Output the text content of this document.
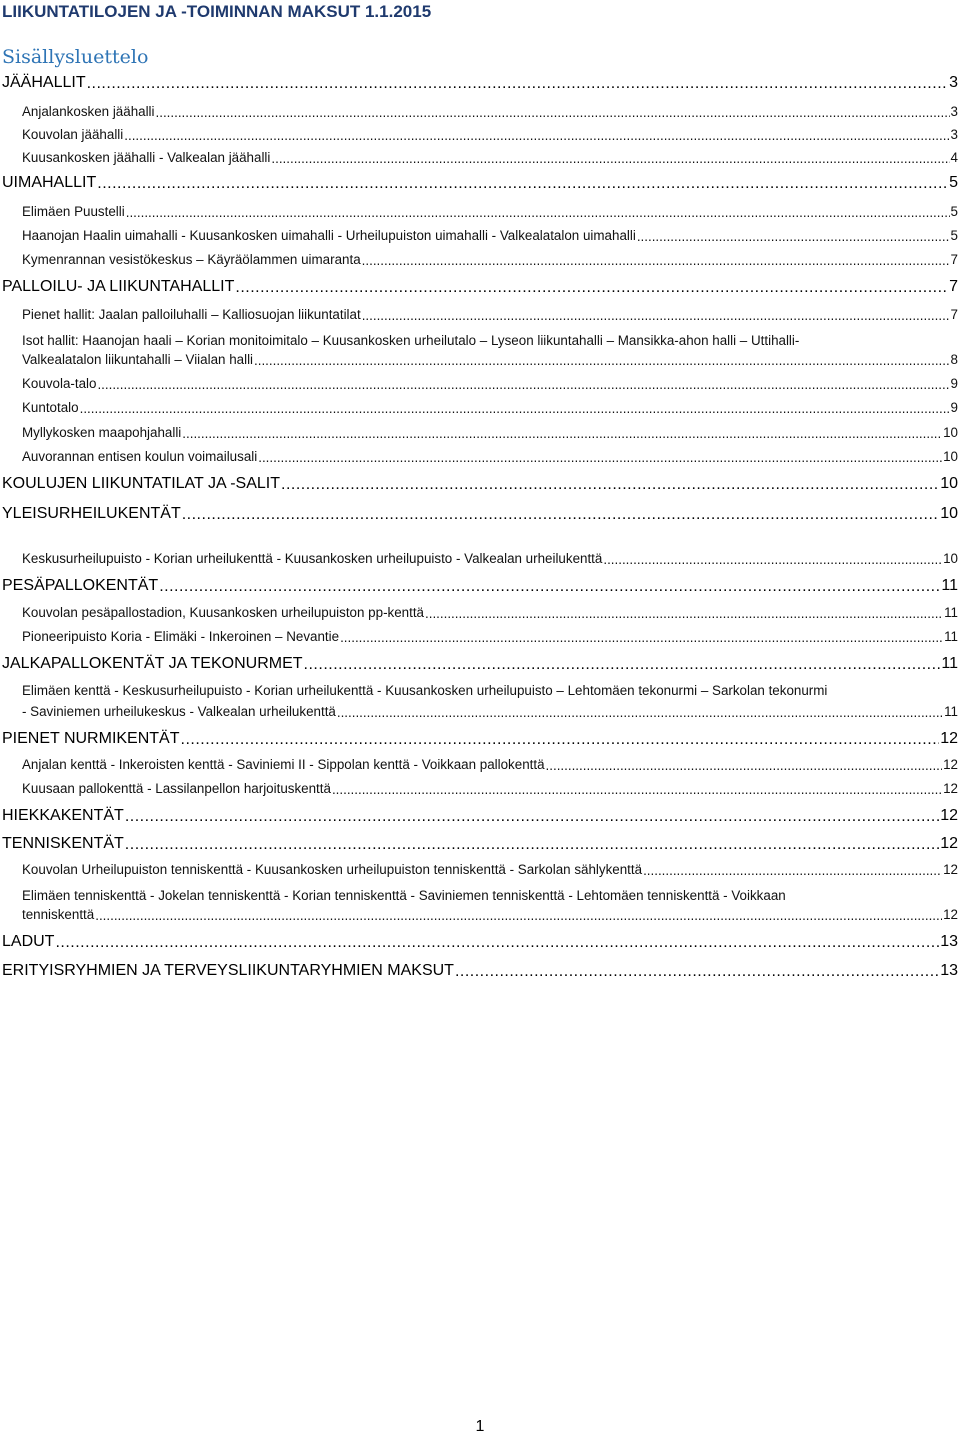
LIIKUNTATILOJEN JA -TOIMINNAN MAKSUT 1.1.2015
Sisällysluettelo
JÄÄHALLIT .....	3
Anjalankosken jäähalli .....	3
Kouvolan jäähalli .....	3
Kuusankosken jäähalli - Valkealan jäähalli .....	4
UIMAHALLIT .....	5
Elimäen Puustelli .....	5
Haanojan Haalin uimahalli - Kuusankosken uimahalli - Urheilupuiston uimahalli - Valkealatalon uimahalli .....	5
Kymenrannan vesistökeskus – Käyräölammen uimaranta .....	7
PALLOILU- JA LIIKUNTAHALLIT .....	7
Pienet hallit: Jaalan palloiluhalli – Kalliosuojan liikuntatilat .....	7
Isot hallit: Haanojan haali – Korian monitoimitalo – Kuusankosken urheilutalo – Lyseon liikuntahalli – Mansikka-ahon halli – Uttihalli-
Valkealatalon liikuntahalli – Viialan halli .....	8
Kouvola-talo .....	9
Kuntotalo .....	9
Myllykosken maapohjahalli .....	10
Auvorannan entisen koulun voimailusali .....	10
KOULUJEN LIIKUNTATILAT JA -SALIT .....	10
YLEISURHEILUKENTÄT .....	10
Keskusurheilupuisto - Korian urheilukenttä - Kuusankosken urheilupuisto - Valkealan urheilukenttä .....	10
PESÄPALLOKENTÄT .....	11
Kouvolan pesäpallostadion, Kuusankosken urheilupuiston pp-kenttä .....	11
Pioneeripuisto Koria - Elimäki - Inkeroinen – Nevantie .....	11
JALKAPALLOKENTÄT JA TEKONURMET .....	11
Elimäen kenttä - Keskusurheilupuisto - Korian urheilukenttä - Kuusankosken urheilupuisto – Lehtomäen tekonurmi – Sarkolan tekonurmi
- Saviniemen urheilukeskus - Valkealan urheilukenttä .....	11
PIENET NURMIKENTÄT .....	12
Anjalan kenttä - Inkeroisten kenttä - Saviniemi II - Sippolan kenttä - Voikkaan pallokenttä .....	12
Kuusaan pallokenttä - Lassilanpellon harjoituskenttä .....	12
HIEKKAKENTÄT .....	12
TENNISKENTÄT .....	12
Kouvolan Urheilupuiston tenniskenttä - Kuusankosken urheilupuiston tenniskenttä - Sarkolan sählykenttä .....	12
Elimäen tenniskenttä - Jokelan tenniskenttä - Korian tenniskenttä - Saviniemen tenniskenttä - Lehtomäen tenniskenttä - Voikkaan
tenniskenttä .....	12
LADUT .....	13
ERITYISRYHMIEN JA TERVEYSLIIKUNTARYHMIEN MAKSUT .....	13
1
